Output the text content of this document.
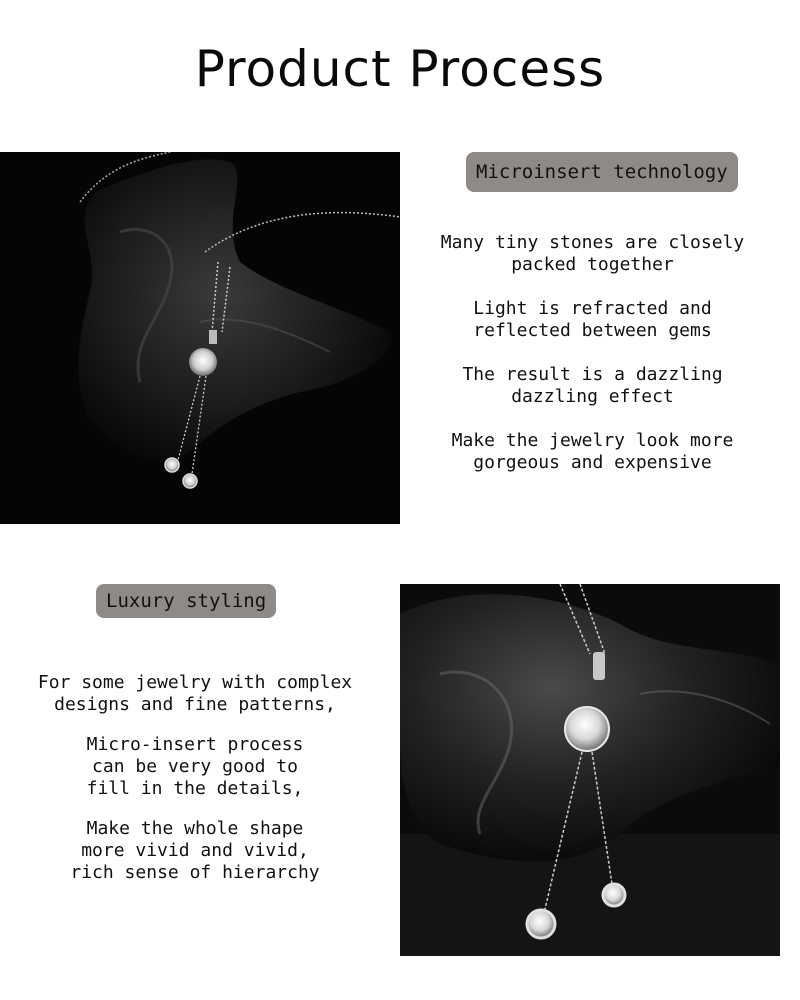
Product Process
Microinsert technology
Many tiny stones are closely
packed together
Light is refracted and
reflected between gems
The result is a dazzling
dazzling effect
Make the jewelry look more
gorgeous and expensive
Luxury styling
For some jewelry with complex
designs and fine patterns,
Micro-insert process
can be very good to
fill in the details,
Make the whole shape
more vivid and vivid,
rich sense of hierarchy
